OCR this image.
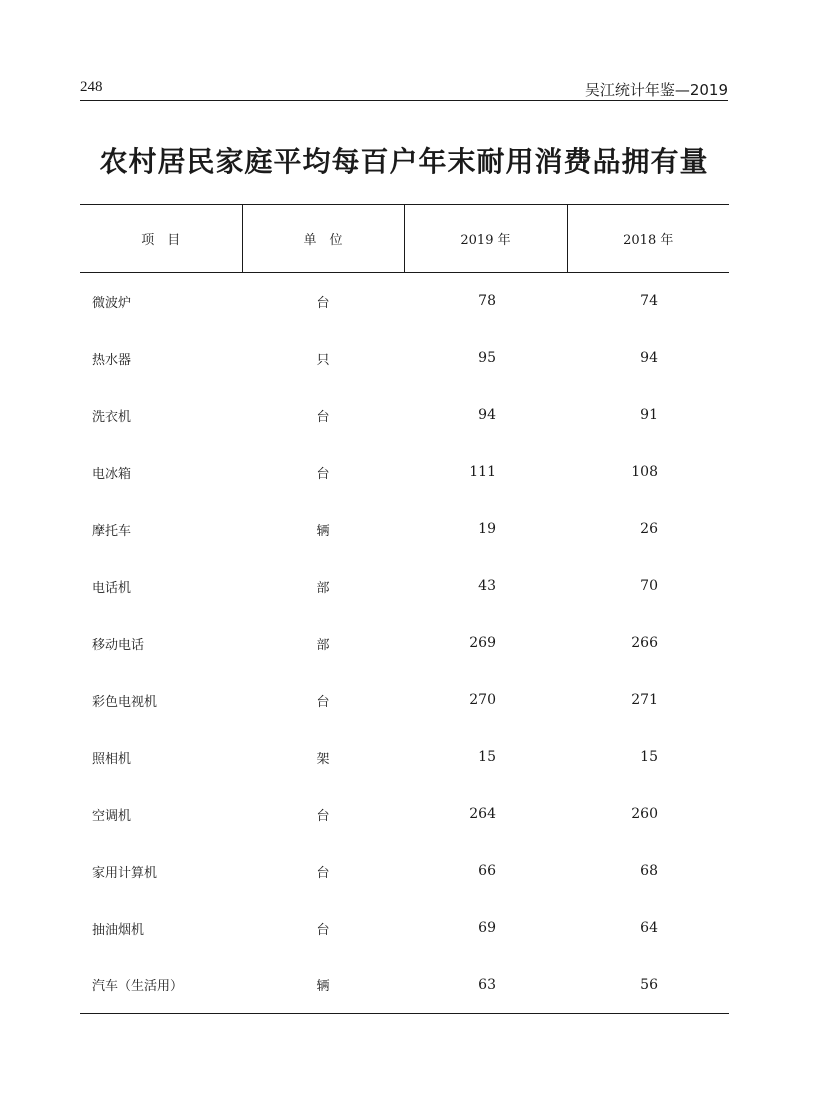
248	吴江统计年鉴—2019
农村居民家庭平均每百户年末耐用消费品拥有量
项　目	单　位	2019 年	2018 年
微波炉	台	78	74
热水器	只	95	94
洗衣机	台	94	91
电冰箱	台	111	108
摩托车	辆	19	26
电话机	部	43	70
移动电话	部	269	266
彩色电视机	台	270	271
照相机	架	15	15
空调机	台	264	260
家用计算机	台	66	68
抽油烟机	台	69	64
汽车（生活用）	辆	63	56
